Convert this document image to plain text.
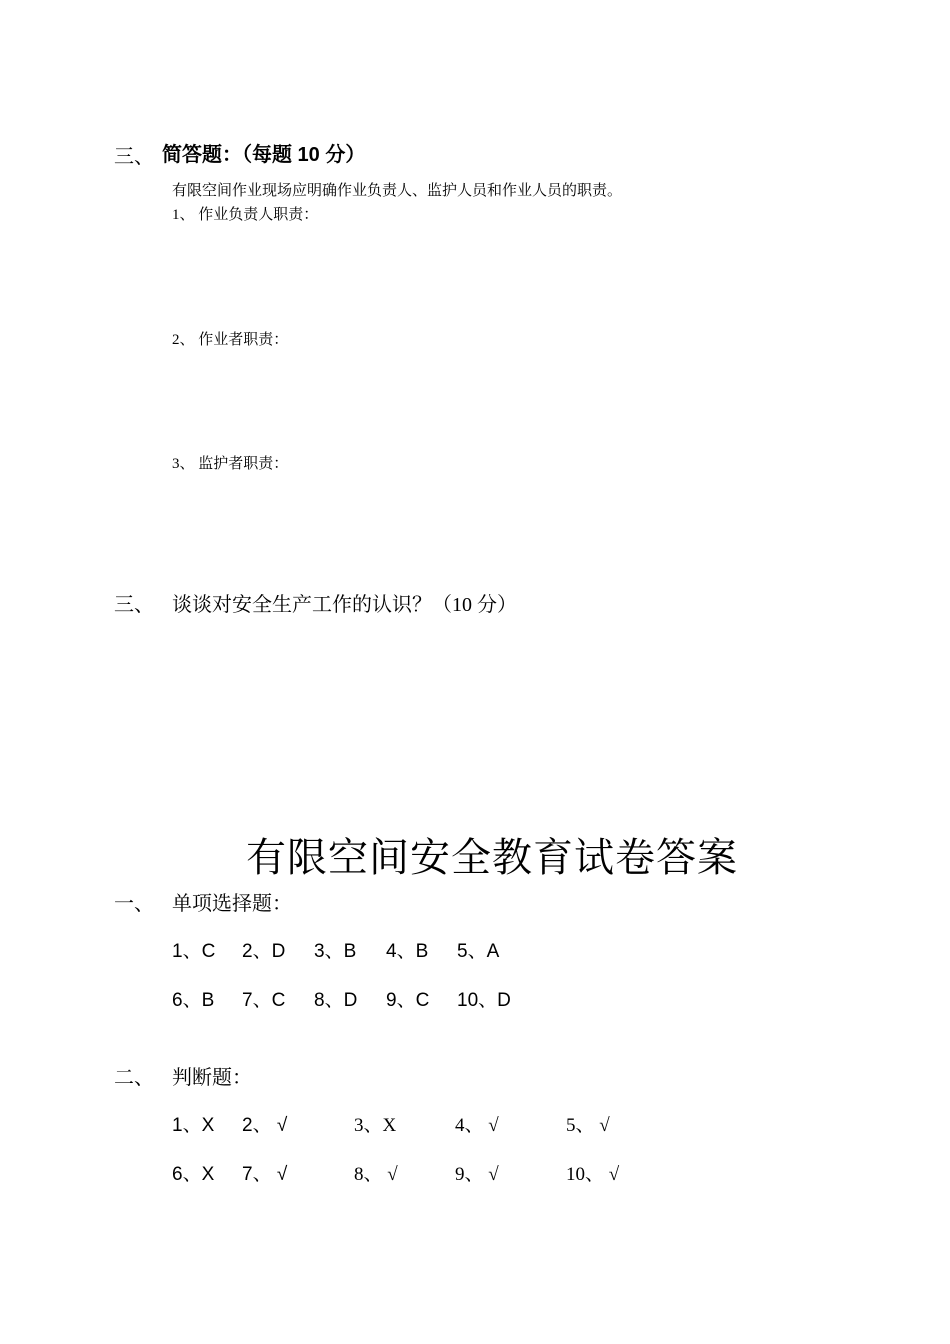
三、 简答题：（每题 10 分）
有限空间作业现场应明确作业负责人、监护人员和作业人员的职责。
1、 作业负责人职责：
2、 作业者职责：
3、 监护者职责：
三、 谈谈对安全生产工作的认识？（10 分）
有限空间安全教育试卷答案
一、 单项选择题：
1、C 2、D 3、B 4、B 5、A
6、B 7、C 8、D 9、C 10、D
二、 判断题：
1、X 2、 √	3、X	4、 √	5、 √
6、X 7、 √	8、 √	9、 √	10、 √
